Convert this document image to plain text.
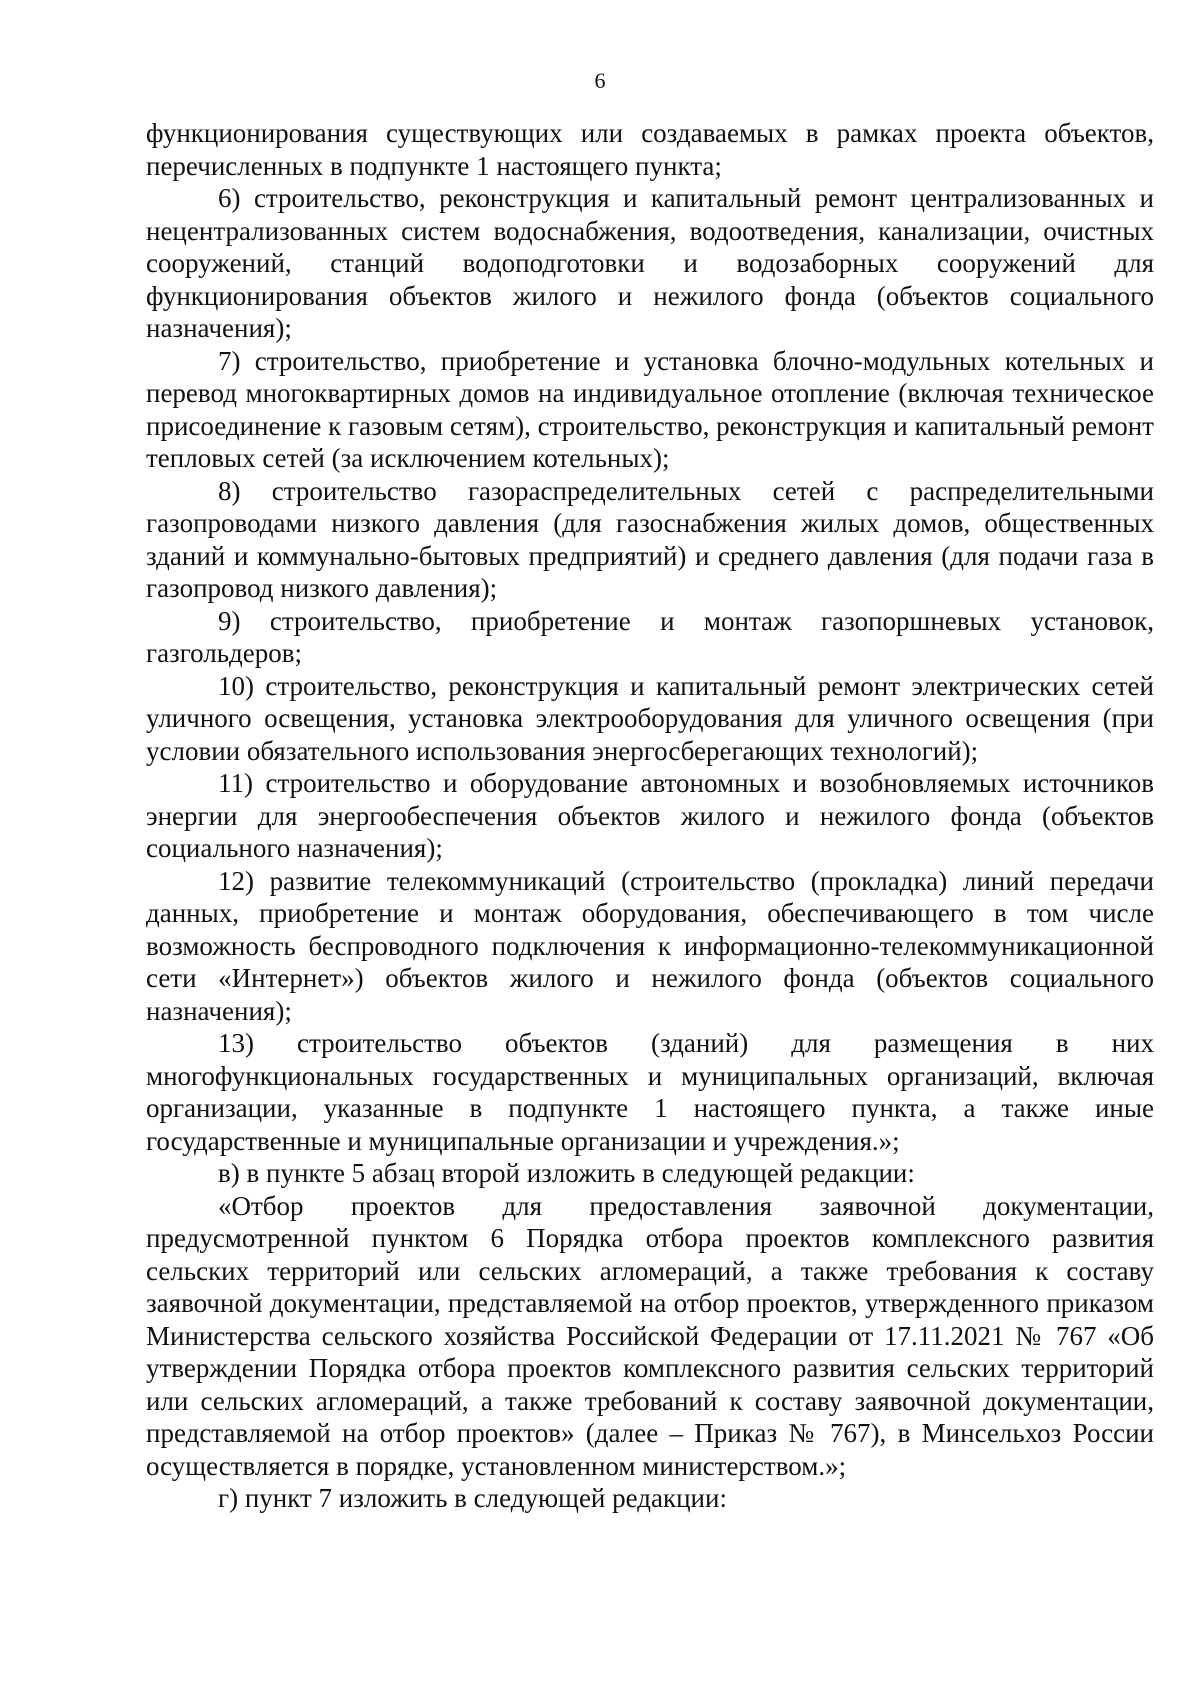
6

функционирования существующих или создаваемых в рамках проекта объектов, перечисленных в подпункте 1 настоящего пункта;

6) строительство, реконструкция и капитальный ремонт централизованных и нецентрализованных систем водоснабжения, водоотведения, канализации, очистных сооружений, станций водоподготовки и водозаборных сооружений для функционирования объектов жилого и нежилого фонда (объектов социального назначения);

7) строительство, приобретение и установка блочно-модульных котельных и перевод многоквартирных домов на индивидуальное отопление (включая техническое присоединение к газовым сетям), строительство, реконструкция и капитальный ремонт тепловых сетей (за исключением котельных);

8) строительство газораспределительных сетей с распределительными газопроводами низкого давления (для газоснабжения жилых домов, общественных зданий и коммунально-бытовых предприятий) и среднего давления (для подачи газа в газопровод низкого давления);

9) строительство, приобретение и монтаж газопоршневых установок, газгольдеров;

10) строительство, реконструкция и капитальный ремонт электрических сетей уличного освещения, установка электрооборудования для уличного освещения (при условии обязательного использования энергосберегающих технологий);

11) строительство и оборудование автономных и возобновляемых источников энергии для энергообеспечения объектов жилого и нежилого фонда (объектов социального назначения);

12) развитие телекоммуникаций (строительство (прокладка) линий передачи данных, приобретение и монтаж оборудования, обеспечивающего в том числе возможность беспроводного подключения к информационно-телекоммуникационной сети «Интернет») объектов жилого и нежилого фонда (объектов социального назначения);

13) строительство объектов (зданий) для размещения в них многофункциональных государственных и муниципальных организаций, включая организации, указанные в подпункте 1 настоящего пункта, а также иные государственные и муниципальные организации и учреждения.»;

в) в пункте 5 абзац второй изложить в следующей редакции:

«Отбор проектов для предоставления заявочной документации, предусмотренной пунктом 6 Порядка отбора проектов комплексного развития сельских территорий или сельских агломераций, а также требования к составу заявочной документации, представляемой на отбор проектов, утвержденного приказом Министерства сельского хозяйства Российской Федерации от 17.11.2021 № 767 «Об утверждении Порядка отбора проектов комплексного развития сельских территорий или сельских агломераций, а также требований к составу заявочной документации, представляемой на отбор проектов» (далее – Приказ № 767), в Минсельхоз России осуществляется в порядке, установленном министерством.»;

г) пункт 7 изложить в следующей редакции:
